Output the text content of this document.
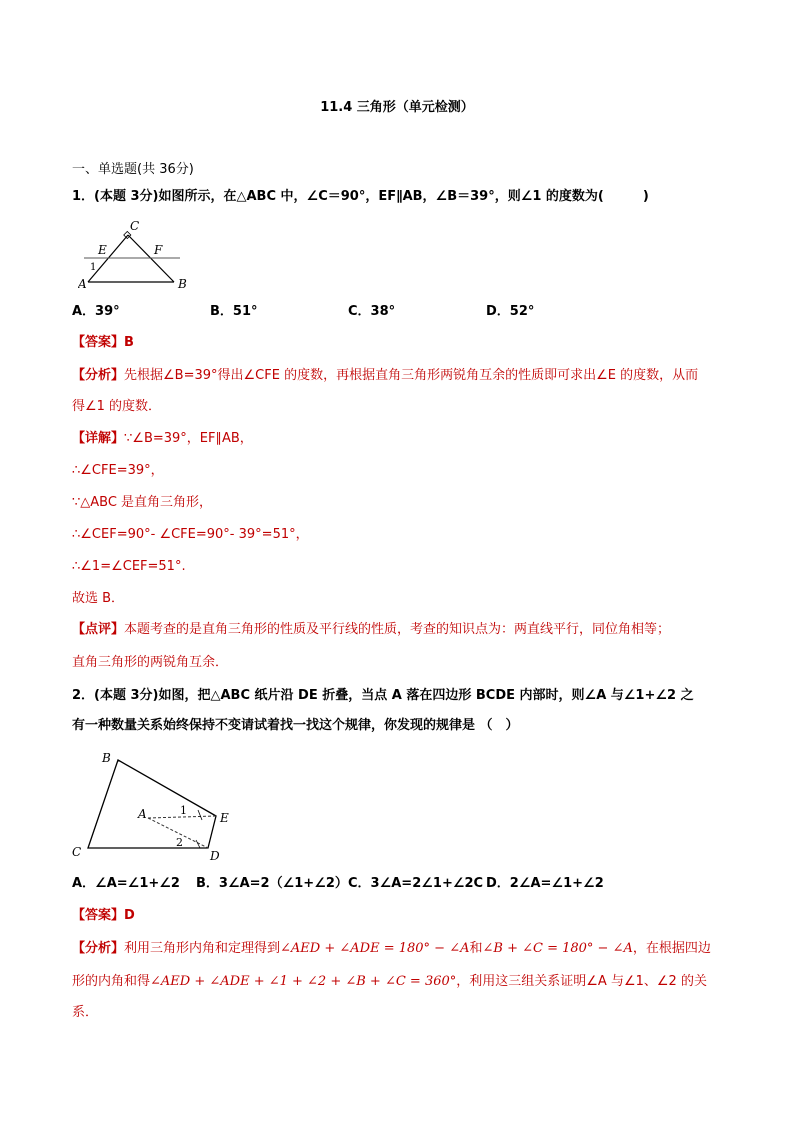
11.4 三角形（单元检测）
一、单选题(共 36分)
1．(本题 3分)如图所示，在△ABC 中，∠C＝90°，EF∥AB，∠B＝39°，则∠1 的度数为(　　　)
C
E	F
A	B
1
A．39°	B．51°	C．38°	D．52°
【答案】B
【分析】先根据∠B=39°得出∠CFE 的度数，再根据直角三角形两锐角互余的性质即可求出∠E 的度数，从而
得∠1 的度数．
【详解】∵∠B=39°，EF∥AB，
∴∠CFE=39°，
∵△ABC 是直角三角形，
∴∠CEF=90°- ∠CFE=90°- 39°=51°，
∴∠1=∠CEF=51°.
故选 B．
【点评】本题考查的是直角三角形的性质及平行线的性质，考查的知识点为：两直线平行，同位角相等；
直角三角形的两锐角互余．
2．(本题 3分)如图，把△ABC 纸片沿 DE 折叠，当点 A 落在四边形 BCDE 内部时，则∠A 与∠1+∠2 之
有一种数量关系始终保持不变请试着找一找这个规律，你发现的规律是 （　）
B
E
A
C	D
1
2
A．∠A=∠1+∠2 B．3∠A=2（∠1+∠2） C．3∠A=2∠1+∠2C D．2∠A=∠1+∠2
【答案】D
【分析】利用三角形内角和定理得到∠AED + ∠ADE = 180° − ∠A和∠B + ∠C = 180° − ∠A，在根据四边
形的内角和得∠AED + ∠ADE + ∠1 + ∠2 + ∠B + ∠C = 360°，利用这三组关系证明∠A 与∠1、∠2 的关
系．
